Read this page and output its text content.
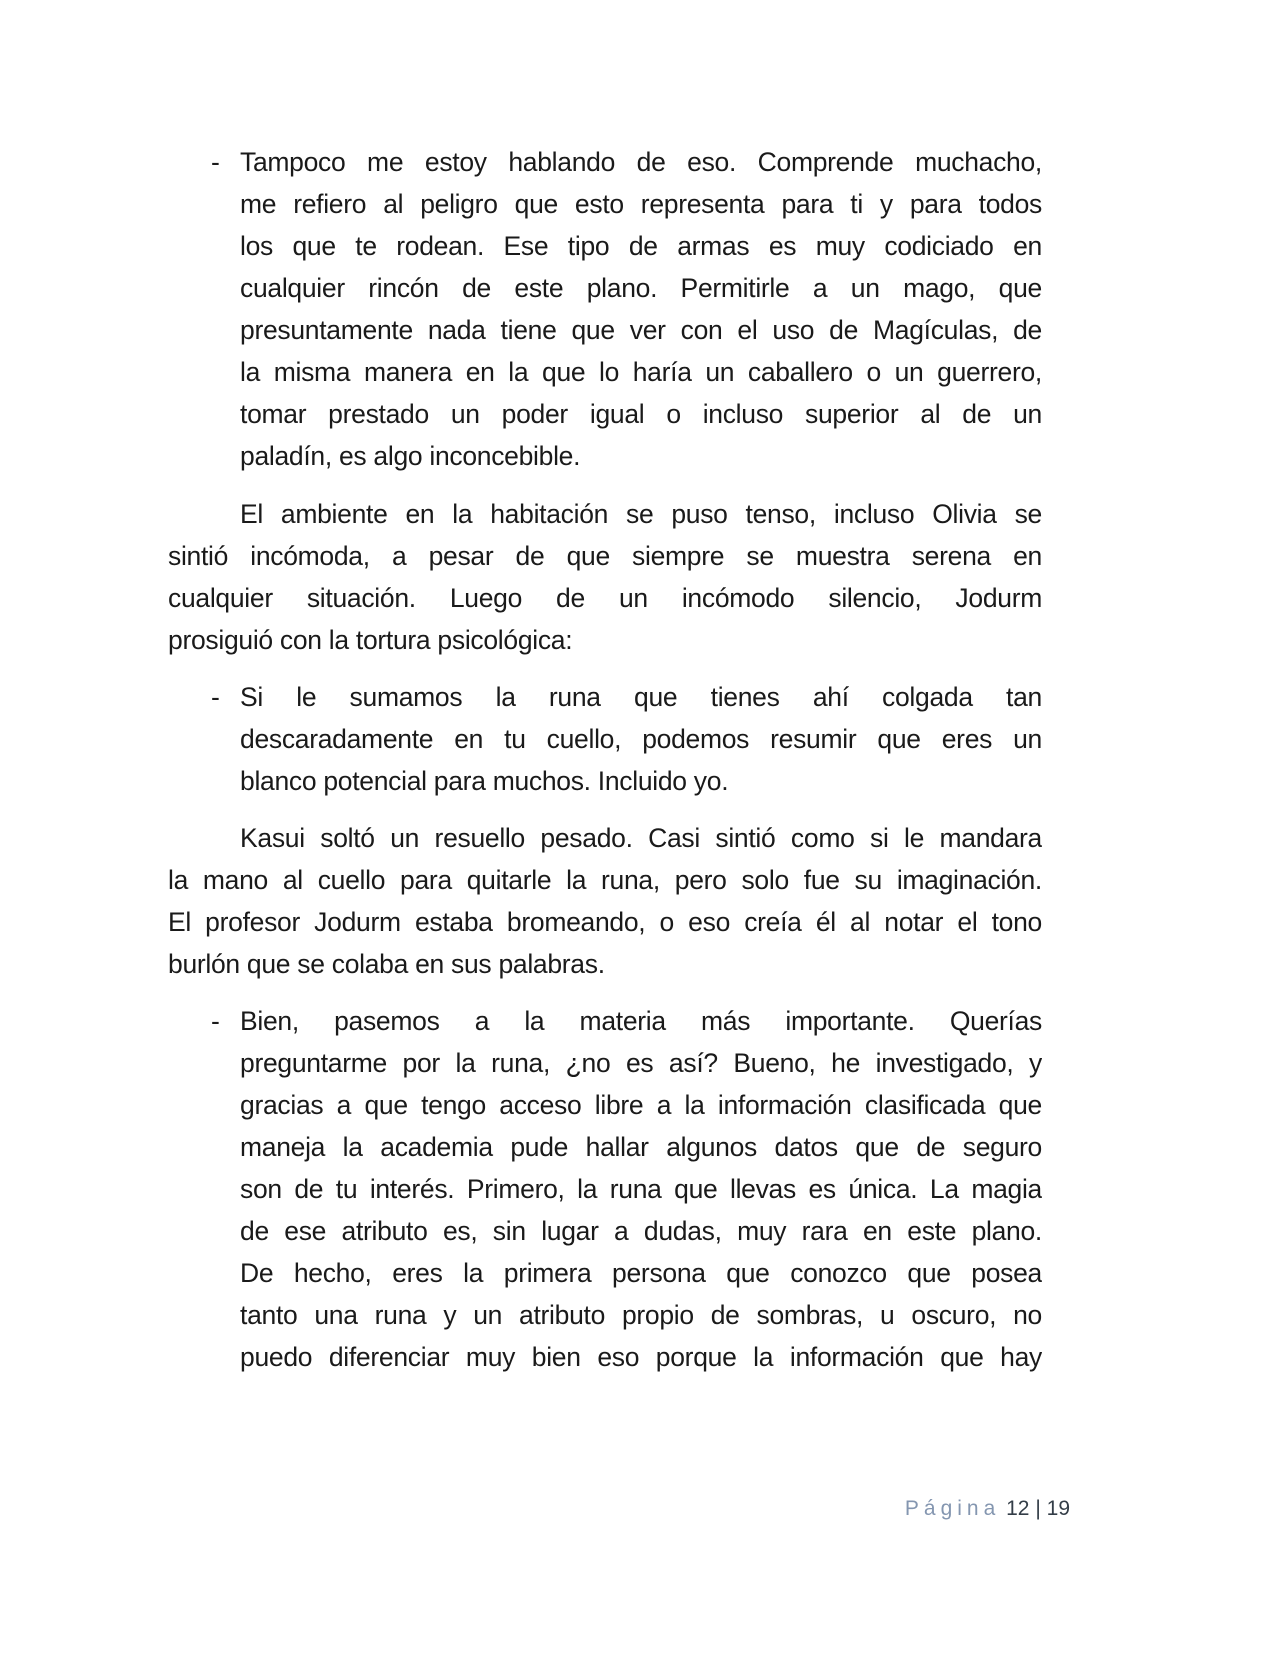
- Tampoco me estoy hablando de eso. Comprende muchacho,
me refiero al peligro que esto representa para ti y para todos
los que te rodean. Ese tipo de armas es muy codiciado en
cualquier rincón de este plano. Permitirle a un mago, que
presuntamente nada tiene que ver con el uso de Magículas, de
la misma manera en la que lo haría un caballero o un guerrero,
tomar prestado un poder igual o incluso superior al de un
paladín, es algo inconcebible.
El ambiente en la habitación se puso tenso, incluso Olivia se
sintió incómoda, a pesar de que siempre se muestra serena en
cualquier situación. Luego de un incómodo silencio, Jodurm
prosiguió con la tortura psicológica:
- Si le sumamos la runa que tienes ahí colgada tan
descaradamente en tu cuello, podemos resumir que eres un
blanco potencial para muchos. Incluido yo.
Kasui soltó un resuello pesado. Casi sintió como si le mandara
la mano al cuello para quitarle la runa, pero solo fue su imaginación.
El profesor Jodurm estaba bromeando, o eso creía él al notar el tono
burlón que se colaba en sus palabras.
- Bien, pasemos a la materia más importante. Querías
preguntarme por la runa, ¿no es así? Bueno, he investigado, y
gracias a que tengo acceso libre a la información clasificada que
maneja la academia pude hallar algunos datos que de seguro
son de tu interés. Primero, la runa que llevas es única. La magia
de ese atributo es, sin lugar a dudas, muy rara en este plano.
De hecho, eres la primera persona que conozco que posea
tanto una runa y un atributo propio de sombras, u oscuro, no
puedo diferenciar muy bien eso porque la información que hay
Página 12 | 19
